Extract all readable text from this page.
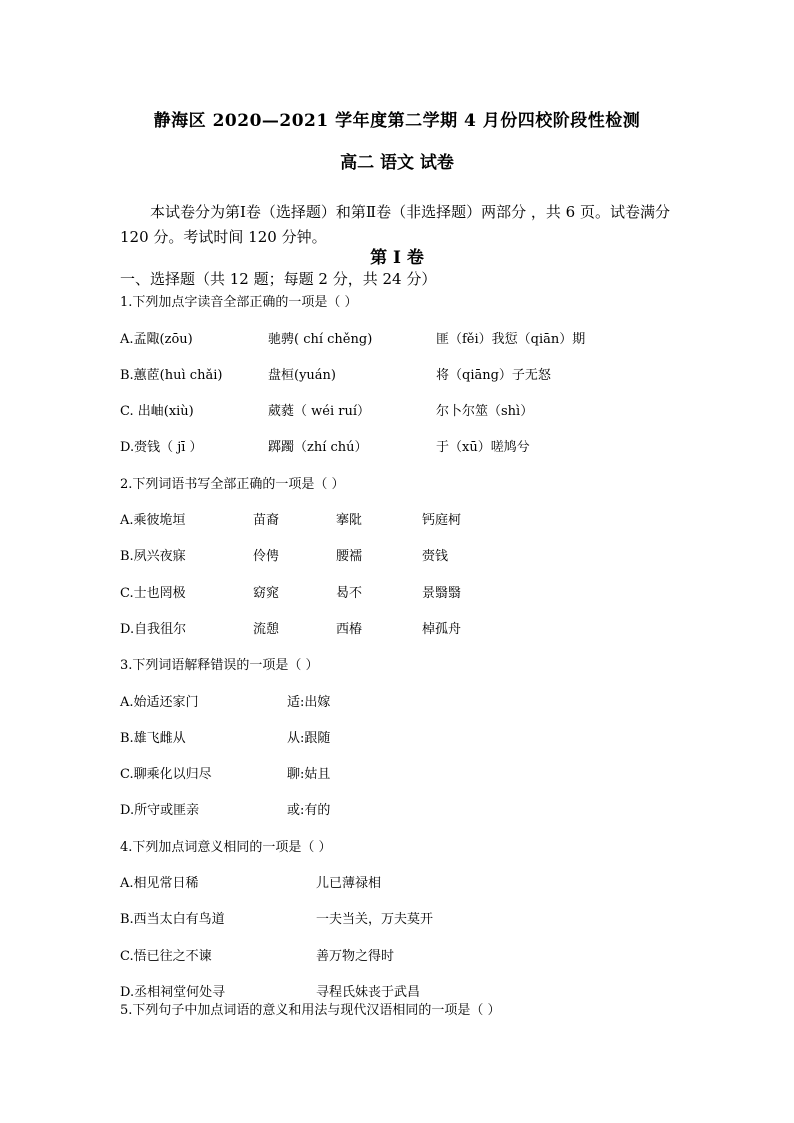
静海区 2020—2021 学年度第二学期 4 月份四校阶段性检测
高二 语文 试卷
本试卷分为第Ⅰ卷（选择题）和第Ⅱ卷（非选择题）两部分 ，共 6 页。试卷满分 120 分。考试时间 120 分钟。
第 Ⅰ 卷
一、选择题（共 12 题；每题 2 分，共 24 分）
1.下列加点字读音全部正确的一项是（ ）
A.孟陬(zōu)	驰骋( chí chěng)	匪（fěi）我愆（qiān）期
B.蕙茝(huì chǎi)	盘桓(yuán)	将（qiāng）子无怒
C. 出岫(xiù)	葳蕤（ wéi ruí）	尔卜尔筮（shì）
D.赍钱（ jī ）	踯躅（zhí chú）	于（xū）嗟鸠兮
2.下列词语书写全部正确的一项是（ ）
A.乘彼垝垣	苗裔	搴阰	钙庭柯
B.夙兴夜寐	伶俜	腰襦	赍钱
C.士也罔极	窈窕	曷不	景翳翳
D.自我徂尔	流憩	西椿	棹孤舟
3.下列词语解释错误的一项是（ ）
A.始适还家门	适:出嫁
B.雄飞雌从	从:跟随
C.聊乘化以归尽	聊:姑且
D.所守或匪亲	或:有的
4.下列加点词意义相同的一项是（ ）
A.相见常日稀	儿已薄禄相
B.西当太白有鸟道	一夫当关，万夫莫开
C.悟已往之不谏	善万物之得时
D.丞相祠堂何处寻	寻程氏妹丧于武昌
5.下列句子中加点词语的意义和用法与现代汉语相同的一项是（ ）
